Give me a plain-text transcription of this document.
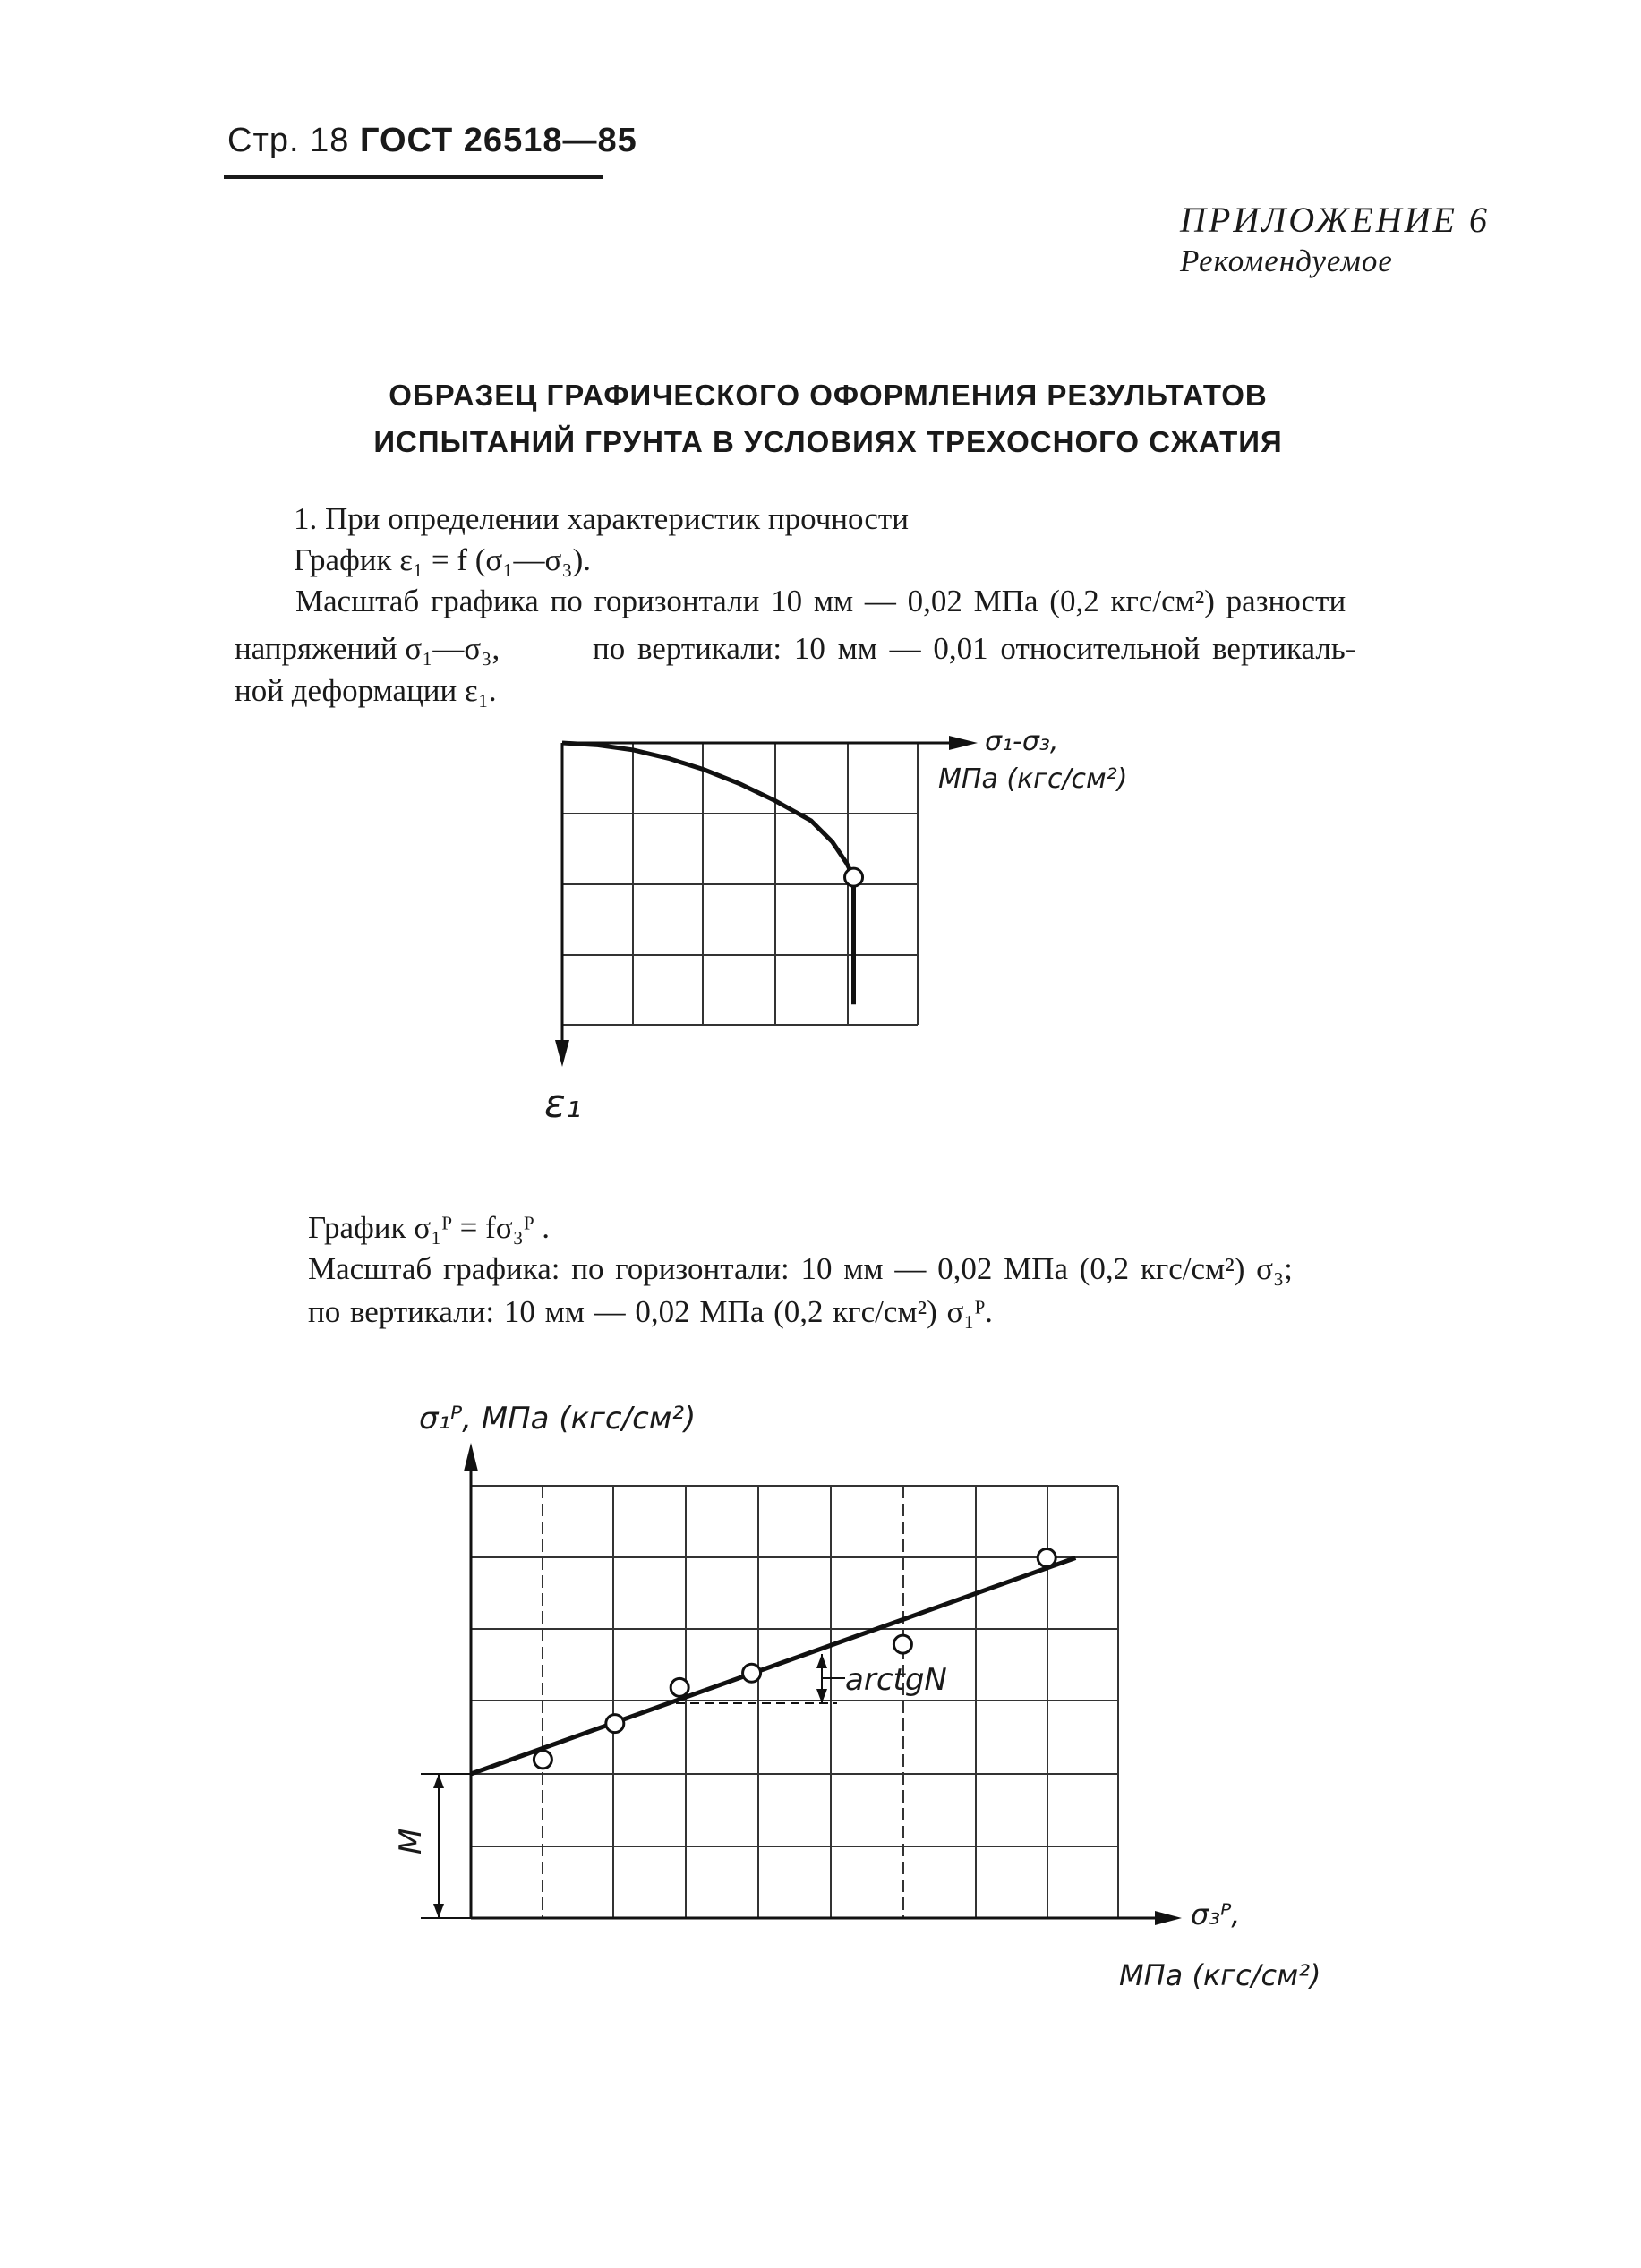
Стр. 18 ГОСТ 26518—85
ПРИЛОЖЕНИЕ 6
Рекомендуемое
ОБРАЗЕЦ ГРАФИЧЕСКОГО ОФОРМЛЕНИЯ РЕЗУЛЬТАТОВ
ИСПЫТАНИЙ ГРУНТА В УСЛОВИЯХ ТРЕХОСНОГО СЖАТИЯ
1. При определении характеристик прочности
График ε₁ = f (σ₁—σ₃).
Масштаб графика по горизонтали 10 мм — 0,02 МПа (0,2 кгс/см²) разности
напряжений σ₁—σ₃,	по вертикали: 10 мм — 0,01 относительной вертикаль-
ной деформации ε₁.
σ₁-σ₃,
МПа (кгс/см²)
ε₁
График σ₁ᴾ = fσ₃ᴾ .
Масштаб графика: по горизонтали: 10 мм — 0,02 МПа (0,2 кгс/см²) σ₃;
по вертикали: 10 мм — 0,02 МПа (0,2 кгс/см²) σ₁ᴾ.
arctgN
M
σ₁ᴾ, МПа (кгс/см²)
σ₃ᴾ,
МПа (кгс/см²)
